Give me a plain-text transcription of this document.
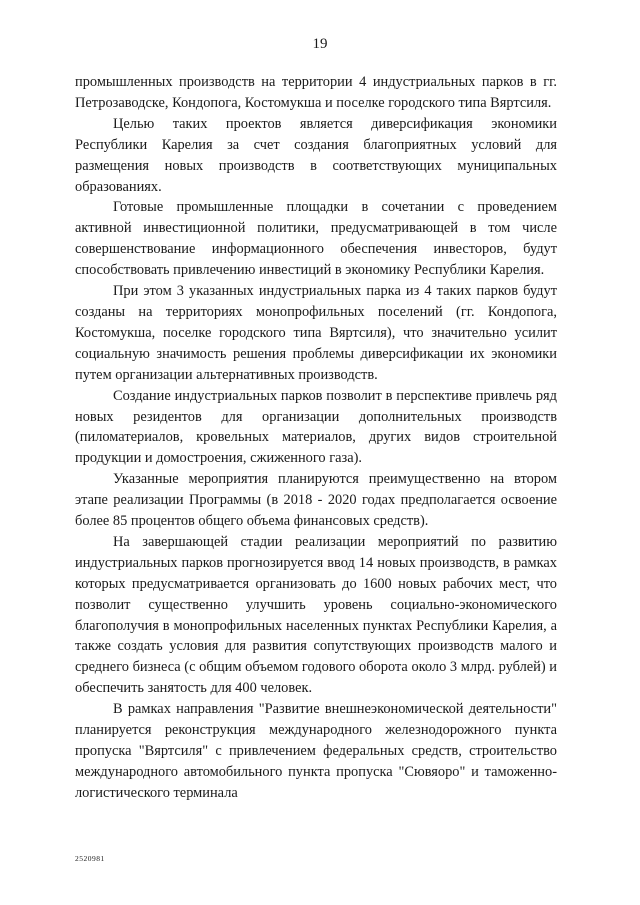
19

промышленных производств на территории 4 индустриальных парков в гг. Петрозаводске, Кондопога, Костомукша и поселке городского типа Вяртсиля.

Целью таких проектов является диверсификация экономики Республики Карелия за счет создания благоприятных условий для размещения новых производств в соответствующих муниципальных образованиях.

Готовые промышленные площадки в сочетании с проведением активной инвестиционной политики, предусматривающей в том числе совершенствование информационного обеспечения инвесторов, будут способствовать привлечению инвестиций в экономику Республики Карелия.

При этом 3 указанных индустриальных парка из 4 таких парков будут созданы на территориях монопрофильных поселений (гг. Кондопога, Костомукша, поселке городского типа Вяртсиля), что значительно усилит социальную значимость решения проблемы диверсификации их экономики путем организации альтернативных производств.

Создание индустриальных парков позволит в перспективе привлечь ряд новых резидентов для организации дополнительных производств (пиломатериалов, кровельных материалов, других видов строительной продукции и домостроения, сжиженного газа).

Указанные мероприятия планируются преимущественно на втором этапе реализации Программы (в 2018 - 2020 годах предполагается освоение более 85 процентов общего объема финансовых средств).

На завершающей стадии реализации мероприятий по развитию индустриальных парков прогнозируется ввод 14 новых производств, в рамках которых предусматривается организовать до 1600 новых рабочих мест, что позволит существенно улучшить уровень социально-экономического благополучия в монопрофильных населенных пунктах Республики Карелия, а также создать условия для развития сопутствующих производств малого и среднего бизнеса (с общим объемом годового оборота около 3 млрд. рублей) и обеспечить занятость для 400 человек.

В рамках направления "Развитие внешнеэкономической деятельности" планируется реконструкция международного железнодорожного пункта пропуска "Вяртсиля" с привлечением федеральных средств, строительство международного автомобильного пункта пропуска "Сювяоро" и таможенно-логистического терминала

2520981
